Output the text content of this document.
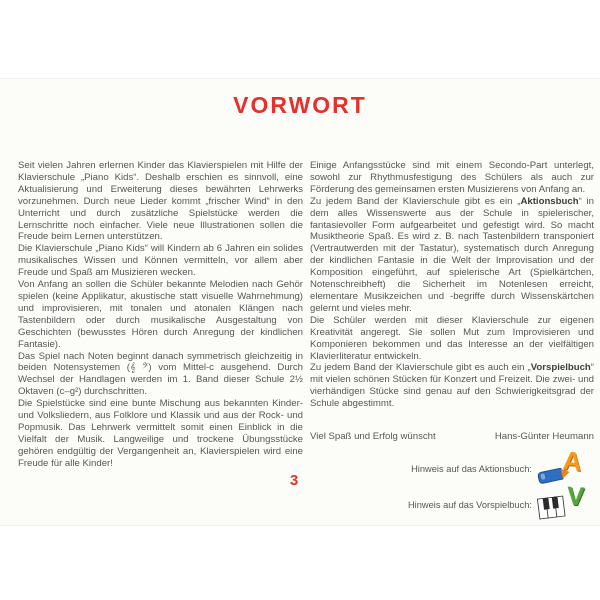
VORWORT

Seit vielen Jahren erlernen Kinder das Klavierspielen mit Hilfe der Klavierschule „Piano Kids“. Deshalb erschien es sinnvoll, eine Aktualisierung und Erweiterung dieses bewährten Lehrwerks vorzunehmen. Durch neue Lieder kommt „frischer Wind“ in den Unterricht und durch zusätzliche Spielstücke werden die Lernschritte noch einfacher. Viele neue Illustrationen sollen die Freude beim Lernen unterstützen.

Die Klavierschule „Piano Kids“ will Kindern ab 6 Jahren ein solides musikalisches Wissen und Können vermitteln, vor allem aber Freude und Spaß am Musizieren wecken.

Von Anfang an sollen die Schüler bekannte Melodien nach Gehör spielen (keine Applikatur, akustische statt visuelle Wahrnehmung) und improvisieren, mit tonalen und atonalen Klängen nach Tastenbildern oder durch musikalische Ausgestaltung von Geschichten (bewusstes Hören durch Anregung der kindlichen Fantasie).

Das Spiel nach Noten beginnt danach symmetrisch gleichzeitig in beiden Notensystemen (𝄞 𝄢) vom Mittel-c ausgehend. Durch Wechsel der Handlagen werden im 1. Band dieser Schule 2½ Oktaven (c–g²) durchschritten.

Die Spielstücke sind eine bunte Mischung aus bekannten Kinder- und Volksliedern, aus Folklore und Klassik und aus der Rock- und Popmusik. Das Lehrwerk vermittelt somit einen Einblick in die Vielfalt der Musik. Langweilige und trockene Übungsstücke gehören endgültig der Vergangenheit an, Klavierspielen wird eine Freude für alle Kinder!

Einige Anfangsstücke sind mit einem Secondo-Part unterlegt, sowohl zur Rhythmusfestigung des Schülers als auch zur Förderung des gemeinsamen ersten Musizierens von Anfang an.

Zu jedem Band der Klavierschule gibt es ein „Aktionsbuch“ in dem alles Wissenswerte aus der Schule in spielerischer, fantasievoller Form aufgearbeitet und gefestigt wird. So macht Musiktheorie Spaß. Es wird z. B. nach Tastenbildern transponiert (Vertrautwerden mit der Tastatur), systematisch durch Anregung der kindlichen Fantasie in die Welt der Improvisation und der Komposition eingeführt, auf spielerische Art (Spielkärtchen, Notenschreibheft) die Sicherheit im Notenlesen erreicht, elementare Musikzeichen und -begriffe durch Wissenskärtchen gelernt und vieles mehr.

Die Schüler werden mit dieser Klavierschule zur eigenen Kreativität angeregt. Sie sollen Mut zum Improvisieren und Komponieren bekommen und das Interesse an der vielfältigen Klavierliteratur entwickeln.

Zu jedem Band der Klavierschule gibt es auch ein „Vorspielbuch“ mit vielen schönen Stücken für Konzert und Freizeit. Die zwei- und vierhändigen Stücke sind genau auf den Schwierigkeitsgrad der Schule abgestimmt.

Viel Spaß und Erfolg wünscht	Hans-Günter Heumann
Hinweis auf das Aktionsbuch: A
Hinweis auf das Vorspielbuch: V
3
